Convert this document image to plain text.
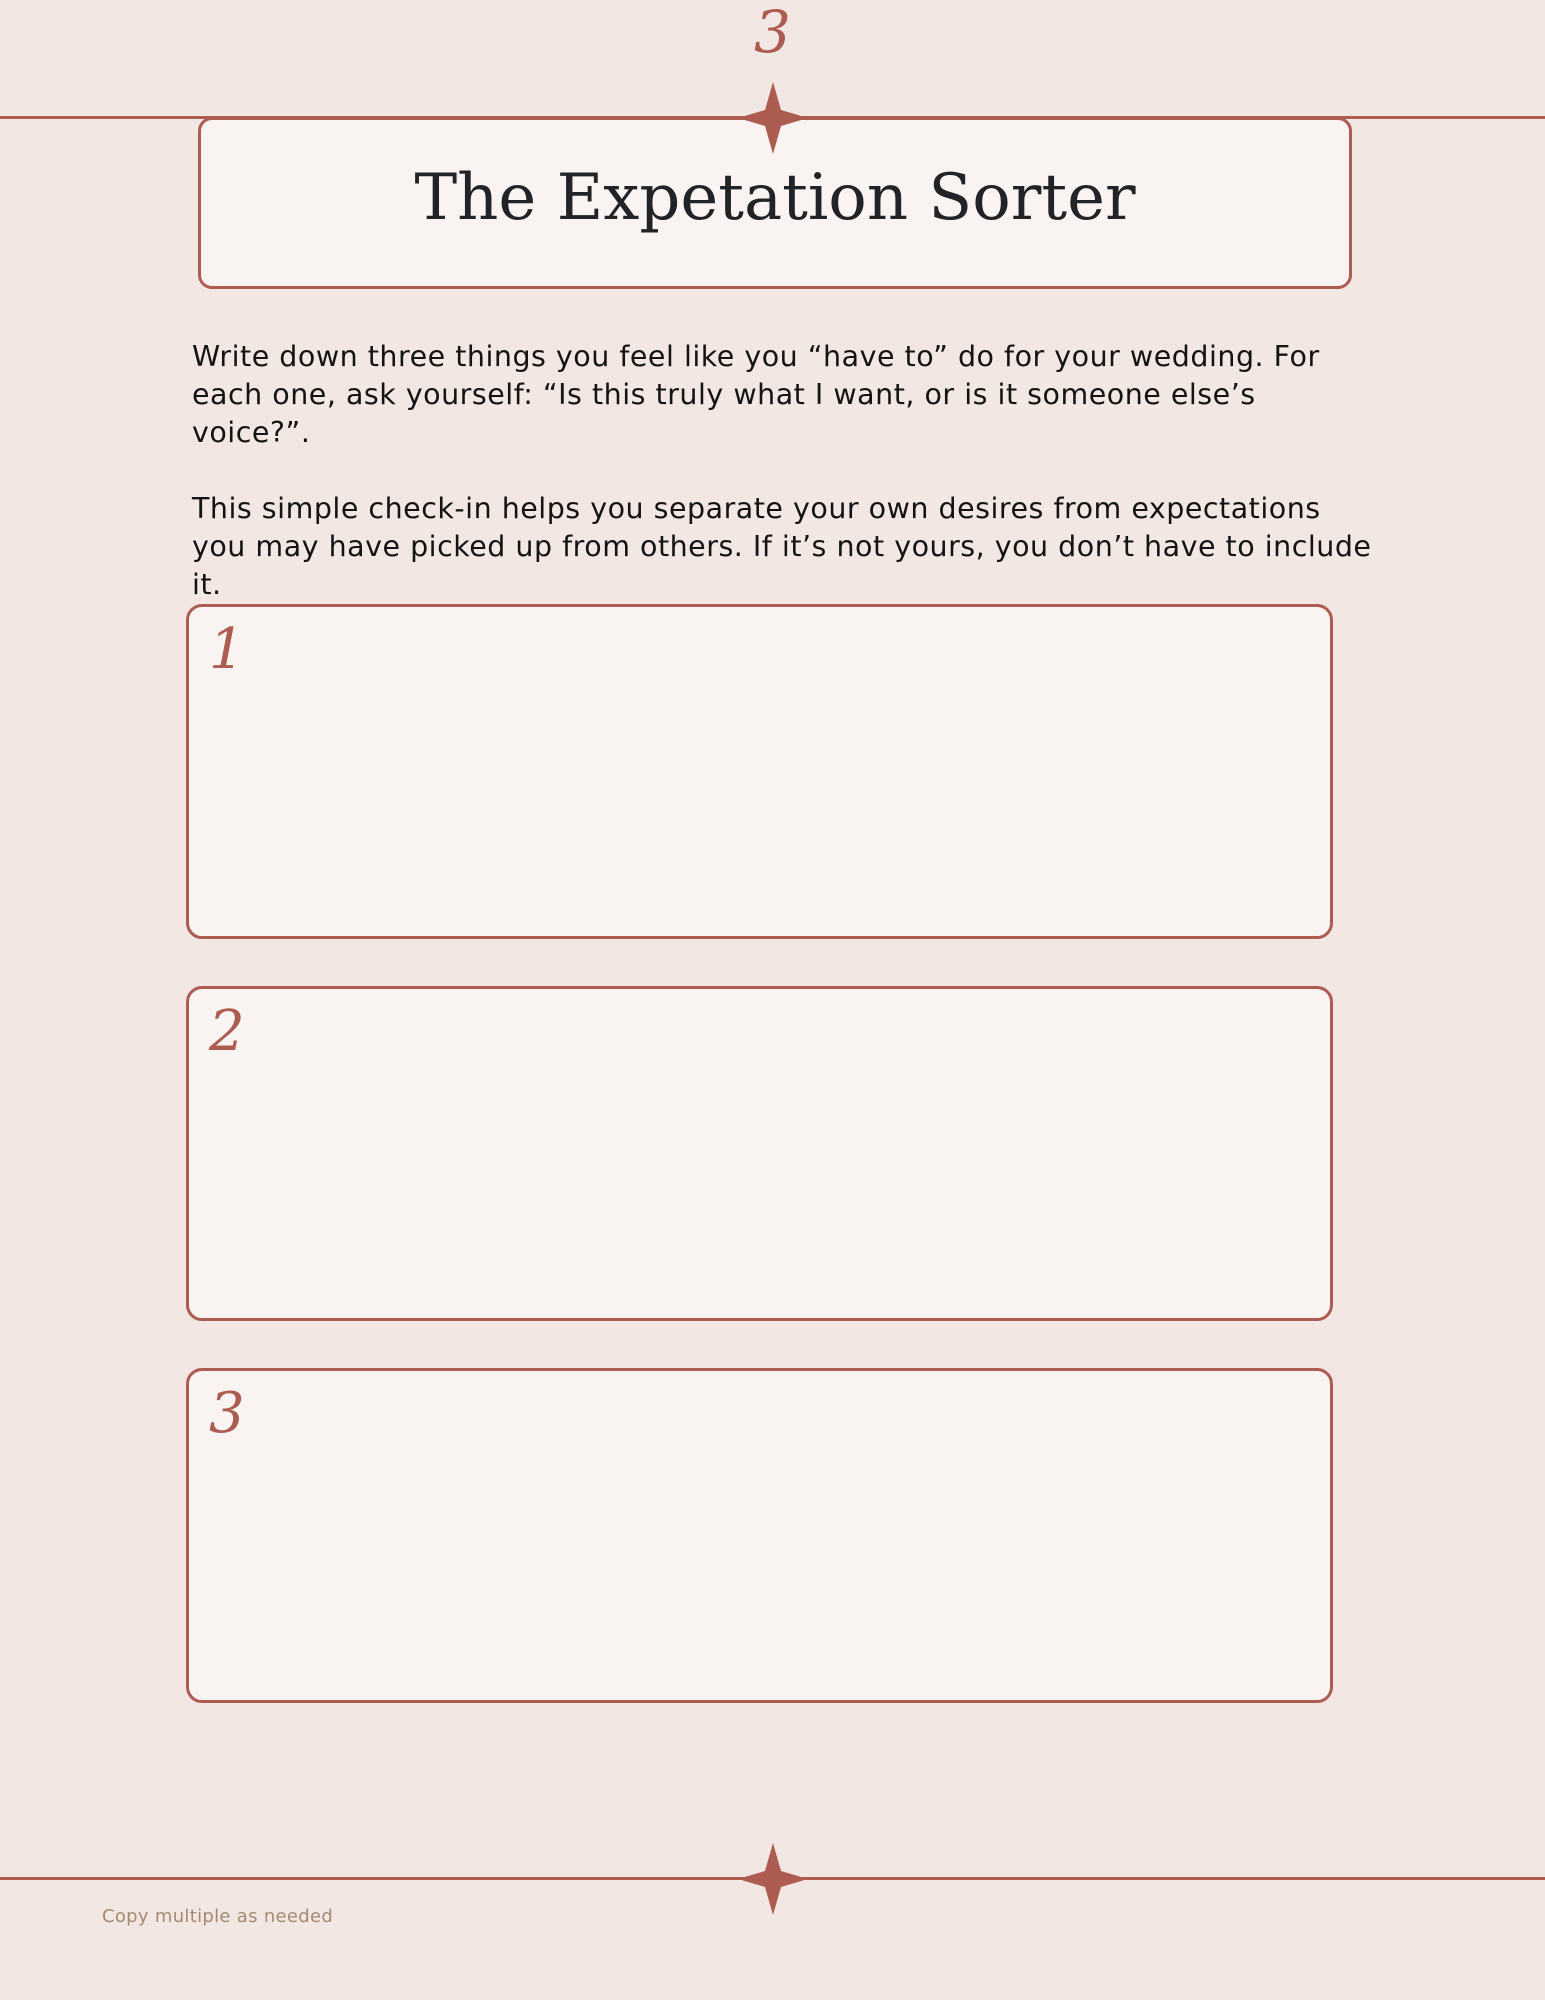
3
The Expetation Sorter

Write down three things you feel like you “have to” do for your wedding. For each one, ask yourself: “Is this truly what I want, or is it someone else’s voice?”.

This simple check-in helps you separate your own desires from expectations you may have picked up from others. If it’s not yours, you don’t have to include it.

1
2
3
Copy multiple as needed
